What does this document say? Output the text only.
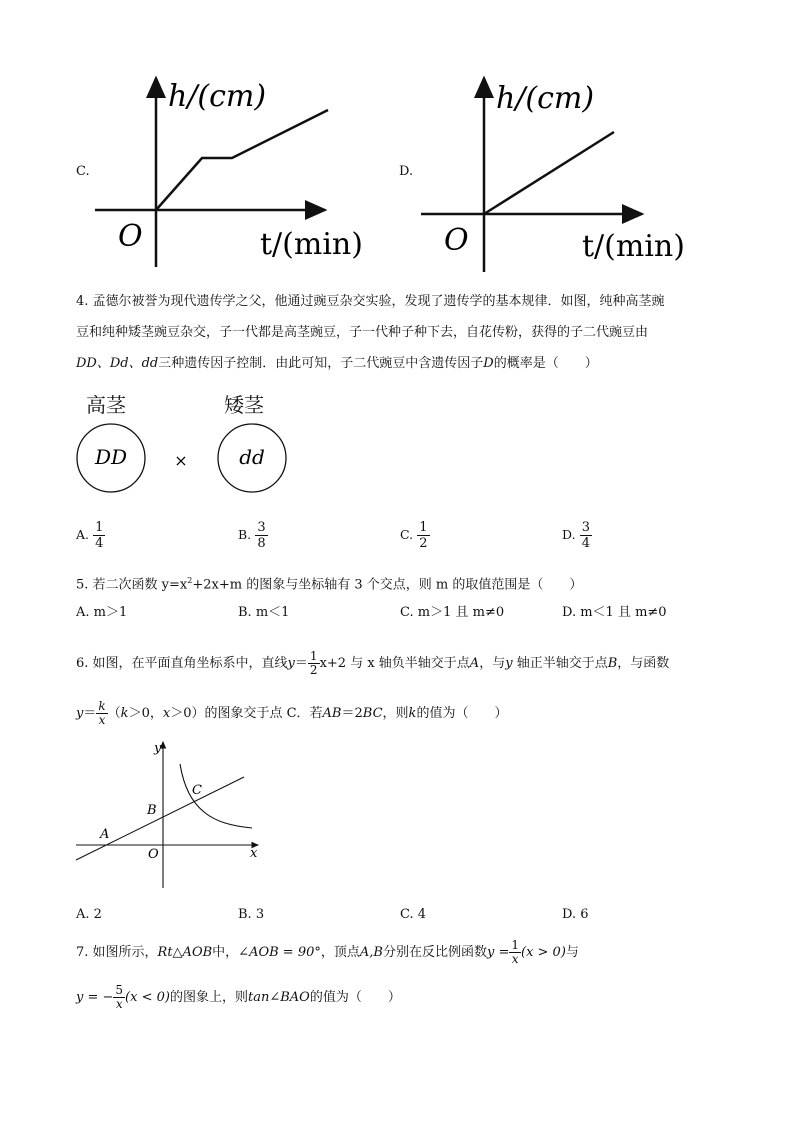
C.
h/(cm)
O	t/(min)
D.
h/(cm)
O	t/(min)
4. 孟德尔被誉为现代遗传学之父，他通过豌豆杂交实验，发现了遗传学的基本规律．如图，纯种高茎豌
豆和纯种矮茎豌豆杂交，子一代都是高茎豌豆，子一代种子种下去，自花传粉，获得的子二代豌豆由
DD、Dd、dd三种遗传因子控制．由此可知，子二代豌豆中含遗传因子D的概率是（　　）
高茎	矮茎
DD	dd
×
A. $\frac{1}{4}$	B. $\frac{3}{8}$	C. $\frac{1}{2}$	D. $\frac{3}{4}$
5. 若二次函数 $y=x^2+2x+m$ 的图象与坐标轴有 3 个交点，则 m 的取值范围是（　　）
A. m＞1	B. m＜1	C. m＞1 且 m≠0	D. m＜1 且 m≠0
6. 如图，在平面直角坐标系中，直线$y= \frac{1}{2} x+2$ 与 x 轴负半轴交于点A，与y 轴正半轴交于点B，与函数
$y= \frac{k}{x} (k>0$，x＞0）的图象交于点 C．若AB＝2BC，则k的值为（　　）
y
x
O
A
B
C
A. 2	B. 3	C. 4	D. 6
7. 如图所示，Rt△AOB中，∠AOB = 90°，顶点A,B分别在反比例函数$y = \frac{1}{x} (x > 0)$与
y = − $\frac{5}{x} (x < 0)$的图象上，则tan∠BAO的值为（　　）
